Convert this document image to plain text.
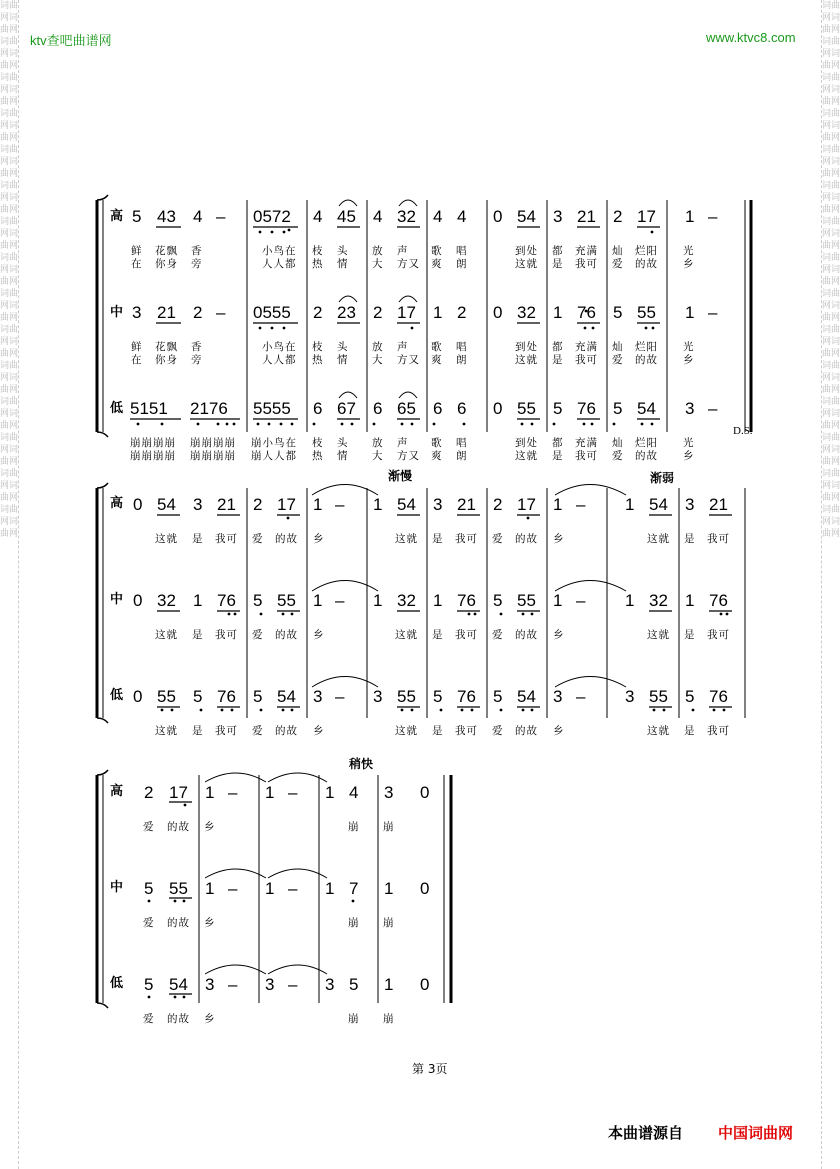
词曲网词曲网词曲网词曲网词曲网词曲网词曲网词曲网词曲网词曲网词曲网词曲网词曲网词曲网词曲网词曲网词曲网词曲网词曲网词曲网词曲网词曲网词曲网词曲网词曲网词曲网词曲网词曲网词曲网词曲网
词曲网词曲网词曲网词曲网词曲网词曲网词曲网词曲网词曲网词曲网词曲网词曲网词曲网词曲网词曲网词曲网词曲网词曲网词曲网词曲网词曲网词曲网词曲网词曲网词曲网词曲网词曲网词曲网词曲网词曲网
ktv查吧曲谱网	www.ktvc8.com
高
中
低
5 43 4 – 0572 4 45 4 32 4 4 0 54 3 21 2 17 1 –
鲜 花飘 香	小鸟在 枝 头 放 声 歌 唱	到处 都 充满 灿 烂阳 光
在 你身 旁	人人都 热 情 大 方又 爽 朗	这就 是 我可 爱 的故 乡
3 21 2 – 0555 2 23 2 17 1 2 0 32 1 76 5 55 1 –
鲜 花飘 香	小鸟在 枝 头 放 声 歌 唱	到处 都 充满 灿 烂阳 光
在 你身 旁	人人都 热 情 大 方又 爽 朗	这就 是 我可 爱 的故 乡
5151 2176 5555 6 67 6 65 6 6 0 55 5 76 5 54 3 –
D.S.
崩崩崩崩 崩崩崩崩 崩小鸟在 枝 头 放 声 歌 唱	到处 都 充满 灿 烂阳 光
崩崩崩崩 崩崩崩崩 崩人人都 热 情 大 方又 爽 朗	这就 是 我可 爱 的故 乡
渐慢	渐弱
高
中
低
0 54 3 21 2 17 1 – 1 54 3 21 2 17 1 – 1 54 3 21
这就 是 我可 爱 的故 乡	这就 是 我可 爱 的故 乡	这就 是 我可
0 32 1 76 5 55 1 – 1 32 1 76 5 55 1 – 1 32 1 76
这就 是 我可 爱 的故 乡	这就 是 我可 爱 的故 乡	这就 是 我可
0 55 5 76 5 54 3 – 3 55 5 76 5 54 3 – 3 55 5 76
这就 是 我可 爱 的故 乡	这就 是 我可 爱 的故 乡	这就 是 我可
稍快
高
中
低
2 17 1 – 1 – 1 4 3 0
爱 的故 乡	崩 崩
5 55 1 – 1 – 1 7 1 0
爱 的故 乡	崩 崩
5 54 3 – 3 – 3 5 1 0
爱 的故 乡	崩 崩
第 3页
本曲谱源自 中国词曲网
